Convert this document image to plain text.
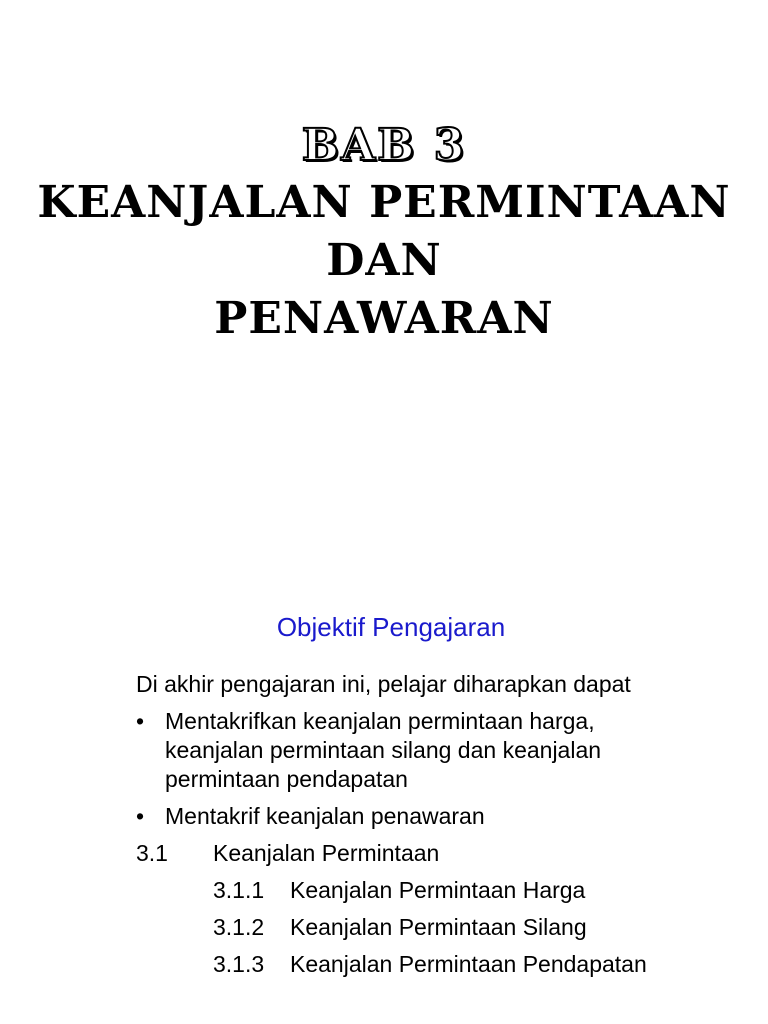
BAB 3
KEANJALAN PERMINTAAN
DAN
PENAWARAN
Objektif Pengajaran
Di akhir pengajaran ini, pelajar diharapkan dapat
• Mentakrifkan keanjalan permintaan harga, keanjalan permintaan silang dan keanjalan permintaan pendapatan
• Mentakrif keanjalan penawaran
3.1	Keanjalan Permintaan
3.1.1	Keanjalan Permintaan Harga
3.1.2	Keanjalan Permintaan Silang
3.1.3	Keanjalan Permintaan Pendapatan
